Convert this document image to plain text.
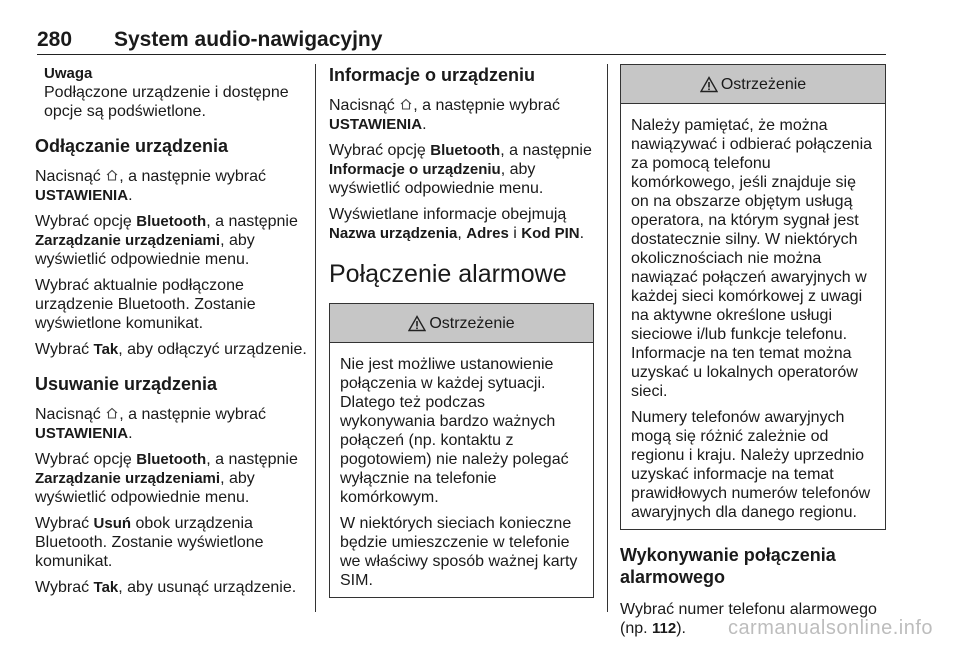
280 System audio-nawigacyjny

Uwaga

Podłączone urządzenie i dostępne opcje są podświetlone.

Odłączanie urządzenia

Nacisnąć , a następnie wybrać USTAWIENIA.

Wybrać opcję Bluetooth, a następnie Zarządzanie urządzeniami, aby wyświetlić odpowiednie menu.

Wybrać aktualnie podłączone urządzenie Bluetooth. Zostanie wyświetlone komunikat.

Wybrać Tak, aby odłączyć urządzenie.

Usuwanie urządzenia

Nacisnąć , a następnie wybrać USTAWIENIA.

Wybrać opcję Bluetooth, a następnie Zarządzanie urządzeniami, aby wyświetlić odpowiednie menu.

Wybrać Usuń obok urządzenia Bluetooth. Zostanie wyświetlone komunikat.

Wybrać Tak, aby usunąć urządzenie.

Informacje o urządzeniu

Nacisnąć , a następnie wybrać USTAWIENIA.

Wybrać opcję Bluetooth, a następnie Informacje o urządzeniu, aby wyświetlić odpowiednie menu.

Wyświetlane informacje obejmują Nazwa urządzenia, Adres i Kod PIN.

Połączenie alarmowe
Ostrzeżenie

Nie jest możliwe ustanowienie połączenia w każdej sytuacji. Dlatego też podczas wykonywania bardzo ważnych połączeń (np. kontaktu z pogotowiem) nie należy polegać wyłącznie na telefonie komórkowym.

W niektórych sieciach konieczne będzie umieszczenie w telefonie we właściwy sposób ważnej karty SIM.

Ostrzeżenie

Należy pamiętać, że można nawiązywać i odbierać połączenia za pomocą telefonu komórkowego, jeśli znajduje się on na obszarze objętym usługą operatora, na którym sygnał jest dostatecznie silny. W niektórych okolicznościach nie można nawiązać połączeń awaryjnych w każdej sieci komórkowej z uwagi na aktywne określone usługi sieciowe i/lub funkcje telefonu. Informacje na ten temat można uzyskać u lokalnych operatorów sieci.

Numery telefonów awaryjnych mogą się różnić zależnie od regionu i kraju. Należy uprzednio uzyskać informacje na temat prawidłowych numerów telefonów awaryjnych dla danego regionu.

Wykonywanie połączenia alarmowego

Wybrać numer telefonu alarmowego (np. 112).	carmanualsonline.info
